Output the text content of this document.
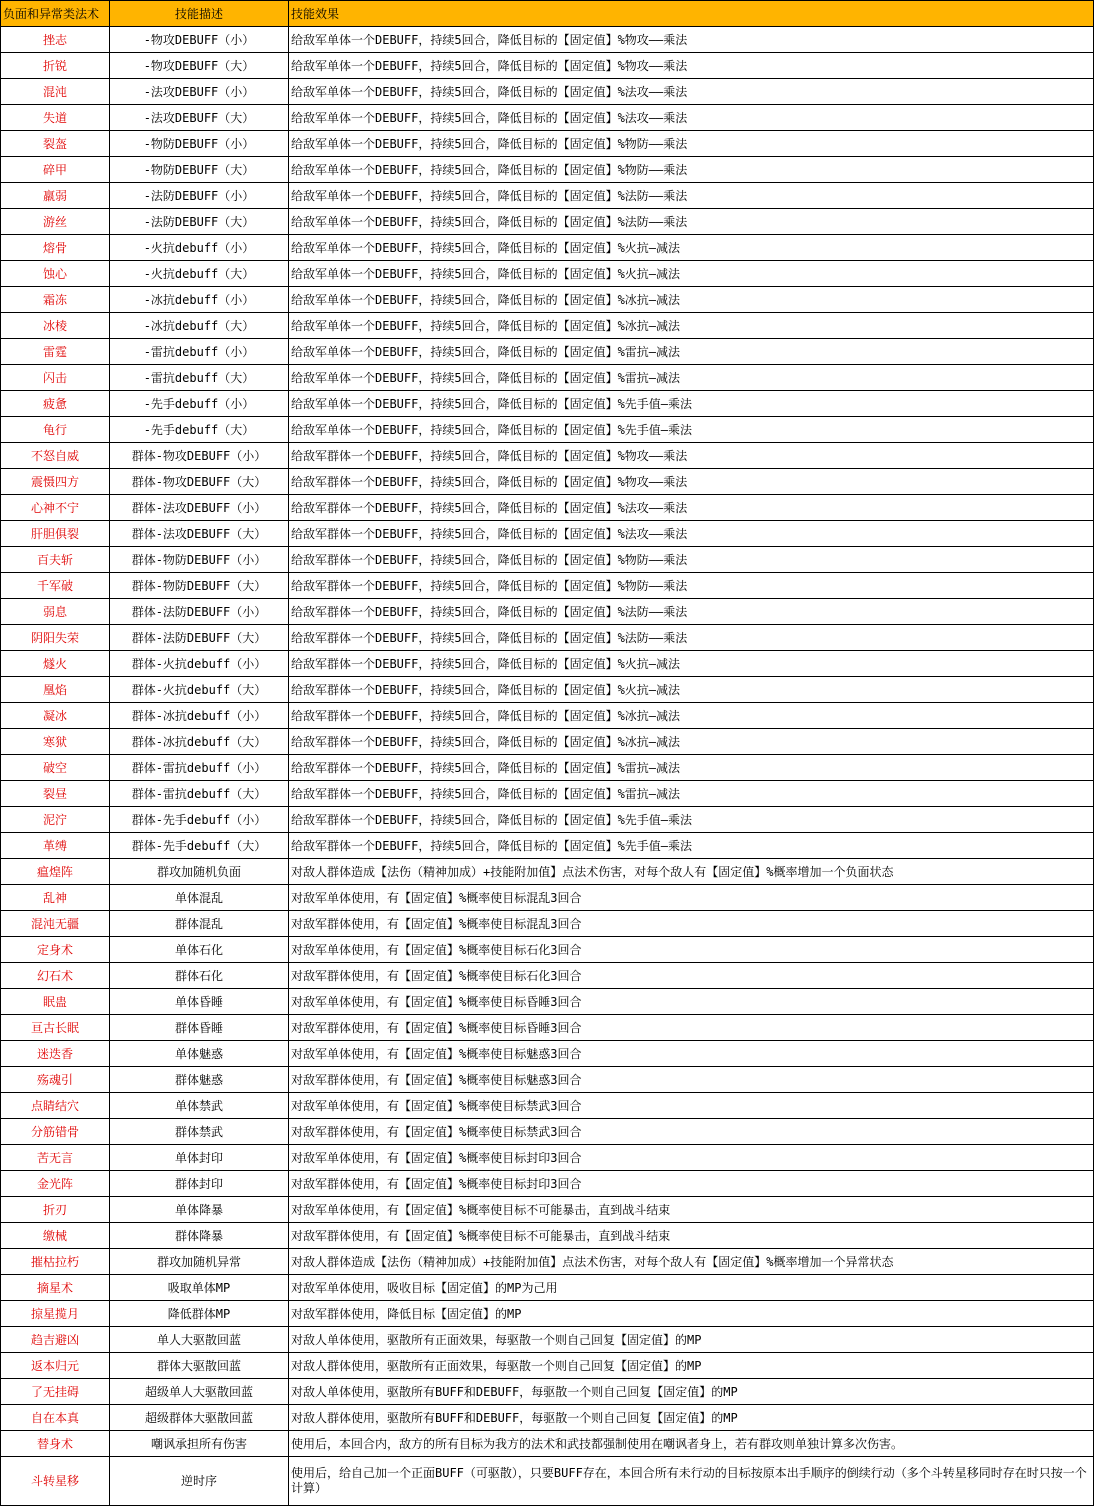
负面和异常类法术	技能描述	技能效果
挫志	-物攻DEBUFF（小）	给敌军单体一个DEBUFF，持续5回合，降低目标的【固定值】%物攻——乘法
折锐	-物攻DEBUFF（大）	给敌军单体一个DEBUFF，持续5回合，降低目标的【固定值】%物攻——乘法
混沌	-法攻DEBUFF（小）	给敌军单体一个DEBUFF，持续5回合，降低目标的【固定值】%法攻——乘法
失道	-法攻DEBUFF（大）	给敌军单体一个DEBUFF，持续5回合，降低目标的【固定值】%法攻——乘法
裂盔	-物防DEBUFF（小）	给敌军单体一个DEBUFF，持续5回合，降低目标的【固定值】%物防——乘法
碎甲	-物防DEBUFF（大）	给敌军单体一个DEBUFF，持续5回合，降低目标的【固定值】%物防——乘法
羸弱	-法防DEBUFF（小）	给敌军单体一个DEBUFF，持续5回合，降低目标的【固定值】%法防——乘法
游丝	-法防DEBUFF（大）	给敌军单体一个DEBUFF，持续5回合，降低目标的【固定值】%法防——乘法
熔骨	-火抗debuff（小）	给敌军单体一个DEBUFF，持续5回合，降低目标的【固定值】%火抗—减法
蚀心	-火抗debuff（大）	给敌军单体一个DEBUFF，持续5回合，降低目标的【固定值】%火抗—减法
霜冻	-冰抗debuff（小）	给敌军单体一个DEBUFF，持续5回合，降低目标的【固定值】%冰抗—减法
冰棱	-冰抗debuff（大）	给敌军单体一个DEBUFF，持续5回合，降低目标的【固定值】%冰抗—减法
雷霆	-雷抗debuff（小）	给敌军单体一个DEBUFF，持续5回合，降低目标的【固定值】%雷抗—减法
闪击	-雷抗debuff（大）	给敌军单体一个DEBUFF，持续5回合，降低目标的【固定值】%雷抗—减法
疲惫	-先手debuff（小）	给敌军单体一个DEBUFF，持续5回合，降低目标的【固定值】%先手值—乘法
龟行	-先手debuff（大）	给敌军单体一个DEBUFF，持续5回合，降低目标的【固定值】%先手值—乘法
不怒自威	群体-物攻DEBUFF（小）	给敌军群体一个DEBUFF，持续5回合，降低目标的【固定值】%物攻——乘法
震慑四方	群体-物攻DEBUFF（大）	给敌军群体一个DEBUFF，持续5回合，降低目标的【固定值】%物攻——乘法
心神不宁	群体-法攻DEBUFF（小）	给敌军群体一个DEBUFF，持续5回合，降低目标的【固定值】%法攻——乘法
肝胆俱裂	群体-法攻DEBUFF（大）	给敌军群体一个DEBUFF，持续5回合，降低目标的【固定值】%法攻——乘法
百夫斩	群体-物防DEBUFF（小）	给敌军群体一个DEBUFF，持续5回合，降低目标的【固定值】%物防——乘法
千军破	群体-物防DEBUFF（大）	给敌军群体一个DEBUFF，持续5回合，降低目标的【固定值】%物防——乘法
弱息	群体-法防DEBUFF（小）	给敌军群体一个DEBUFF，持续5回合，降低目标的【固定值】%法防——乘法
阴阳失荣	群体-法防DEBUFF（大）	给敌军群体一个DEBUFF，持续5回合，降低目标的【固定值】%法防——乘法
燧火	群体-火抗debuff（小）	给敌军群体一个DEBUFF，持续5回合，降低目标的【固定值】%火抗—减法
凰焰	群体-火抗debuff（大）	给敌军群体一个DEBUFF，持续5回合，降低目标的【固定值】%火抗—减法
凝冰	群体-冰抗debuff（小）	给敌军群体一个DEBUFF，持续5回合，降低目标的【固定值】%冰抗—减法
寒狱	群体-冰抗debuff（大）	给敌军群体一个DEBUFF，持续5回合，降低目标的【固定值】%冰抗—减法
破空	群体-雷抗debuff（小）	给敌军群体一个DEBUFF，持续5回合，降低目标的【固定值】%雷抗—减法
裂昼	群体-雷抗debuff（大）	给敌军群体一个DEBUFF，持续5回合，降低目标的【固定值】%雷抗—减法
泥泞	群体-先手debuff（小）	给敌军群体一个DEBUFF，持续5回合，降低目标的【固定值】%先手值—乘法
革缚	群体-先手debuff（大）	给敌军群体一个DEBUFF，持续5回合，降低目标的【固定值】%先手值—乘法
瘟煌阵	群攻加随机负面	对敌人群体造成【法伤（精神加成）+技能附加值】点法术伤害，对每个敌人有【固定值】%概率增加一个负面状态
乱神	单体混乱	对敌军单体使用，有【固定值】%概率使目标混乱3回合
混沌无疆	群体混乱	对敌军群体使用，有【固定值】%概率使目标混乱3回合
定身术	单体石化	对敌军单体使用，有【固定值】%概率使目标石化3回合
幻石术	群体石化	对敌军群体使用，有【固定值】%概率使目标石化3回合
眠蛊	单体昏睡	对敌军单体使用，有【固定值】%概率使目标昏睡3回合
亘古长眠	群体昏睡	对敌军群体使用，有【固定值】%概率使目标昏睡3回合
迷迭香	单体魅惑	对敌军单体使用，有【固定值】%概率使目标魅惑3回合
殇魂引	群体魅惑	对敌军群体使用，有【固定值】%概率使目标魅惑3回合
点睛结穴	单体禁武	对敌军单体使用，有【固定值】%概率使目标禁武3回合
分筋错骨	群体禁武	对敌军群体使用，有【固定值】%概率使目标禁武3回合
苦无言	单体封印	对敌军单体使用，有【固定值】%概率使目标封印3回合
金光阵	群体封印	对敌军群体使用，有【固定值】%概率使目标封印3回合
折刃	单体降暴	对敌军单体使用，有【固定值】%概率使目标不可能暴击，直到战斗结束
缴械	群体降暴	对敌军群体使用，有【固定值】%概率使目标不可能暴击，直到战斗结束
摧枯拉朽	群攻加随机异常	对敌人群体造成【法伤（精神加成）+技能附加值】点法术伤害，对每个敌人有【固定值】%概率增加一个异常状态
摘星术	吸取单体MP	对敌军单体使用，吸收目标【固定值】的MP为己用
掠星揽月	降低群体MP	对敌军群体使用，降低目标【固定值】的MP
趋吉避凶	单人大驱散回蓝	对敌人单体使用，驱散所有正面效果，每驱散一个则自己回复【固定值】的MP
返本归元	群体大驱散回蓝	对敌人群体使用，驱散所有正面效果，每驱散一个则自己回复【固定值】的MP
了无挂碍	超级单人大驱散回蓝	对敌人单体使用，驱散所有BUFF和DEBUFF，每驱散一个则自己回复【固定值】的MP
自在本真	超级群体大驱散回蓝	对敌人群体使用，驱散所有BUFF和DEBUFF，每驱散一个则自己回复【固定值】的MP
替身术	嘲讽承担所有伤害	使用后，本回合内，敌方的所有目标为我方的法术和武技都强制使用在嘲讽者身上，若有群攻则单独计算多次伤害。
斗转星移	逆时序	使用后，给自己加一个正面BUFF（可驱散），只要BUFF存在，本回合所有未行动的目标按原本出手顺序的倒续行动（多个斗转星移同时存在时只按一个计算）
